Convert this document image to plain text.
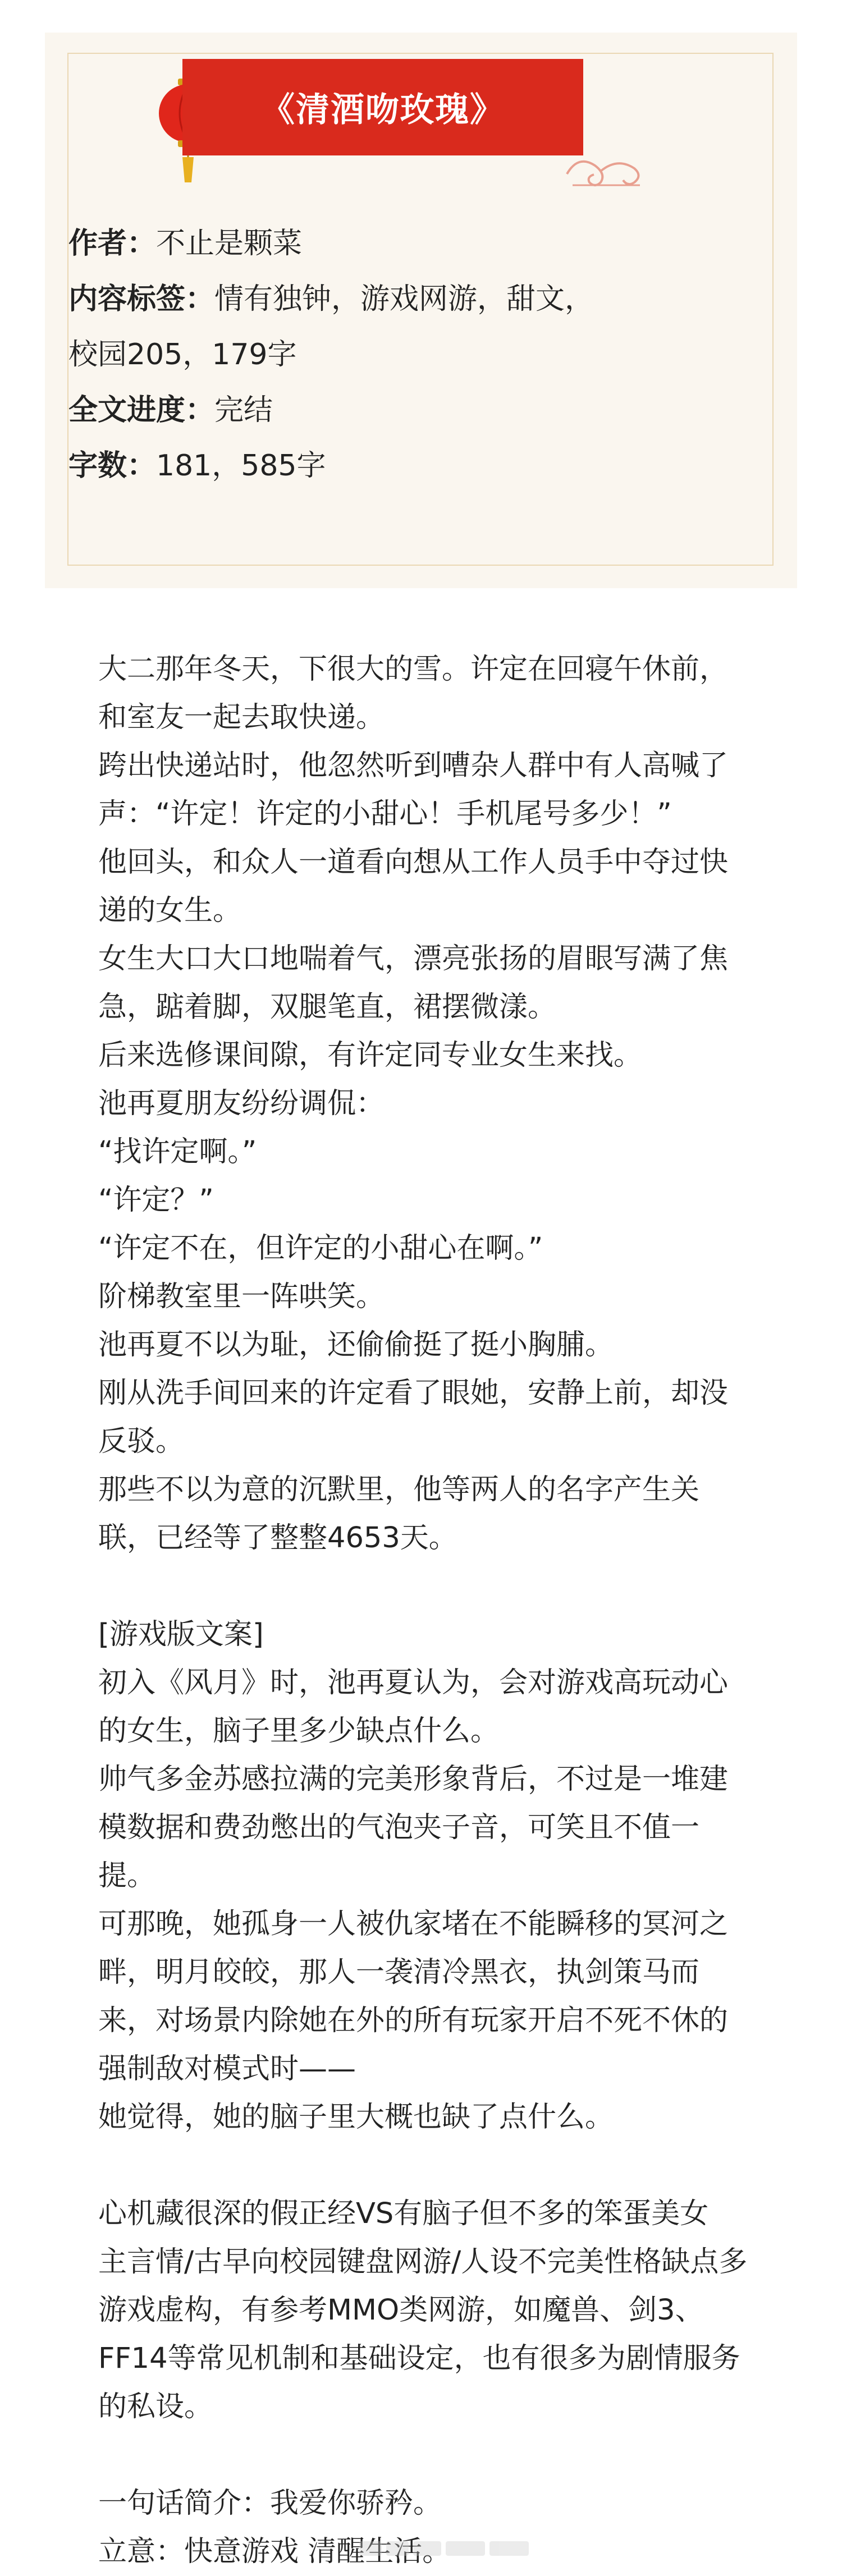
《清酒吻玫瑰》
作者：不止是颗菜
内容标签：情有独钟，游戏网游，甜文，
校园205，179字
全文进度：完结
字数：181，585字

大二那年冬天，下很大的雪。许定在回寝午休前，和室友一起去取快递。

跨出快递站时，他忽然听到嘈杂人群中有人高喊了声：“许定！许定的小甜心！手机尾号多少！”

他回头，和众人一道看向想从工作人员手中夺过快递的女生。

女生大口大口地喘着气，漂亮张扬的眉眼写满了焦急，踮着脚，双腿笔直，裙摆微漾。

后来选修课间隙，有许定同专业女生来找。

池再夏朋友纷纷调侃：

“找许定啊。”

“许定？”

“许定不在，但许定的小甜心在啊。”

阶梯教室里一阵哄笑。

池再夏不以为耻，还偷偷挺了挺小胸脯。

刚从洗手间回来的许定看了眼她，安静上前，却没反驳。

那些不以为意的沉默里，他等两人的名字产生关联，已经等了整整4653天。

[游戏版文案]

初入《风月》时，池再夏认为，会对游戏高玩动心的女生，脑子里多少缺点什么。

帅气多金苏感拉满的完美形象背后，不过是一堆建模数据和费劲憋出的气泡夹子音，可笑且不值一提。

可那晚，她孤身一人被仇家堵在不能瞬移的冥河之畔，明月皎皎，那人一袭清冷黑衣，执剑策马而来，对场景内除她在外的所有玩家开启不死不休的强制敌对模式时——

她觉得，她的脑子里大概也缺了点什么。

心机藏很深的假正经VS有脑子但不多的笨蛋美女

主言情/古早向校园键盘网游/人设不完美性格缺点多

游戏虚构，有参考MMO类网游，如魔兽、剑3、FF14等常见机制和基础设定，也有很多为剧情服务的私设。

一句话简介：我爱你骄矜。

立意：快意游戏 清醒生活。
